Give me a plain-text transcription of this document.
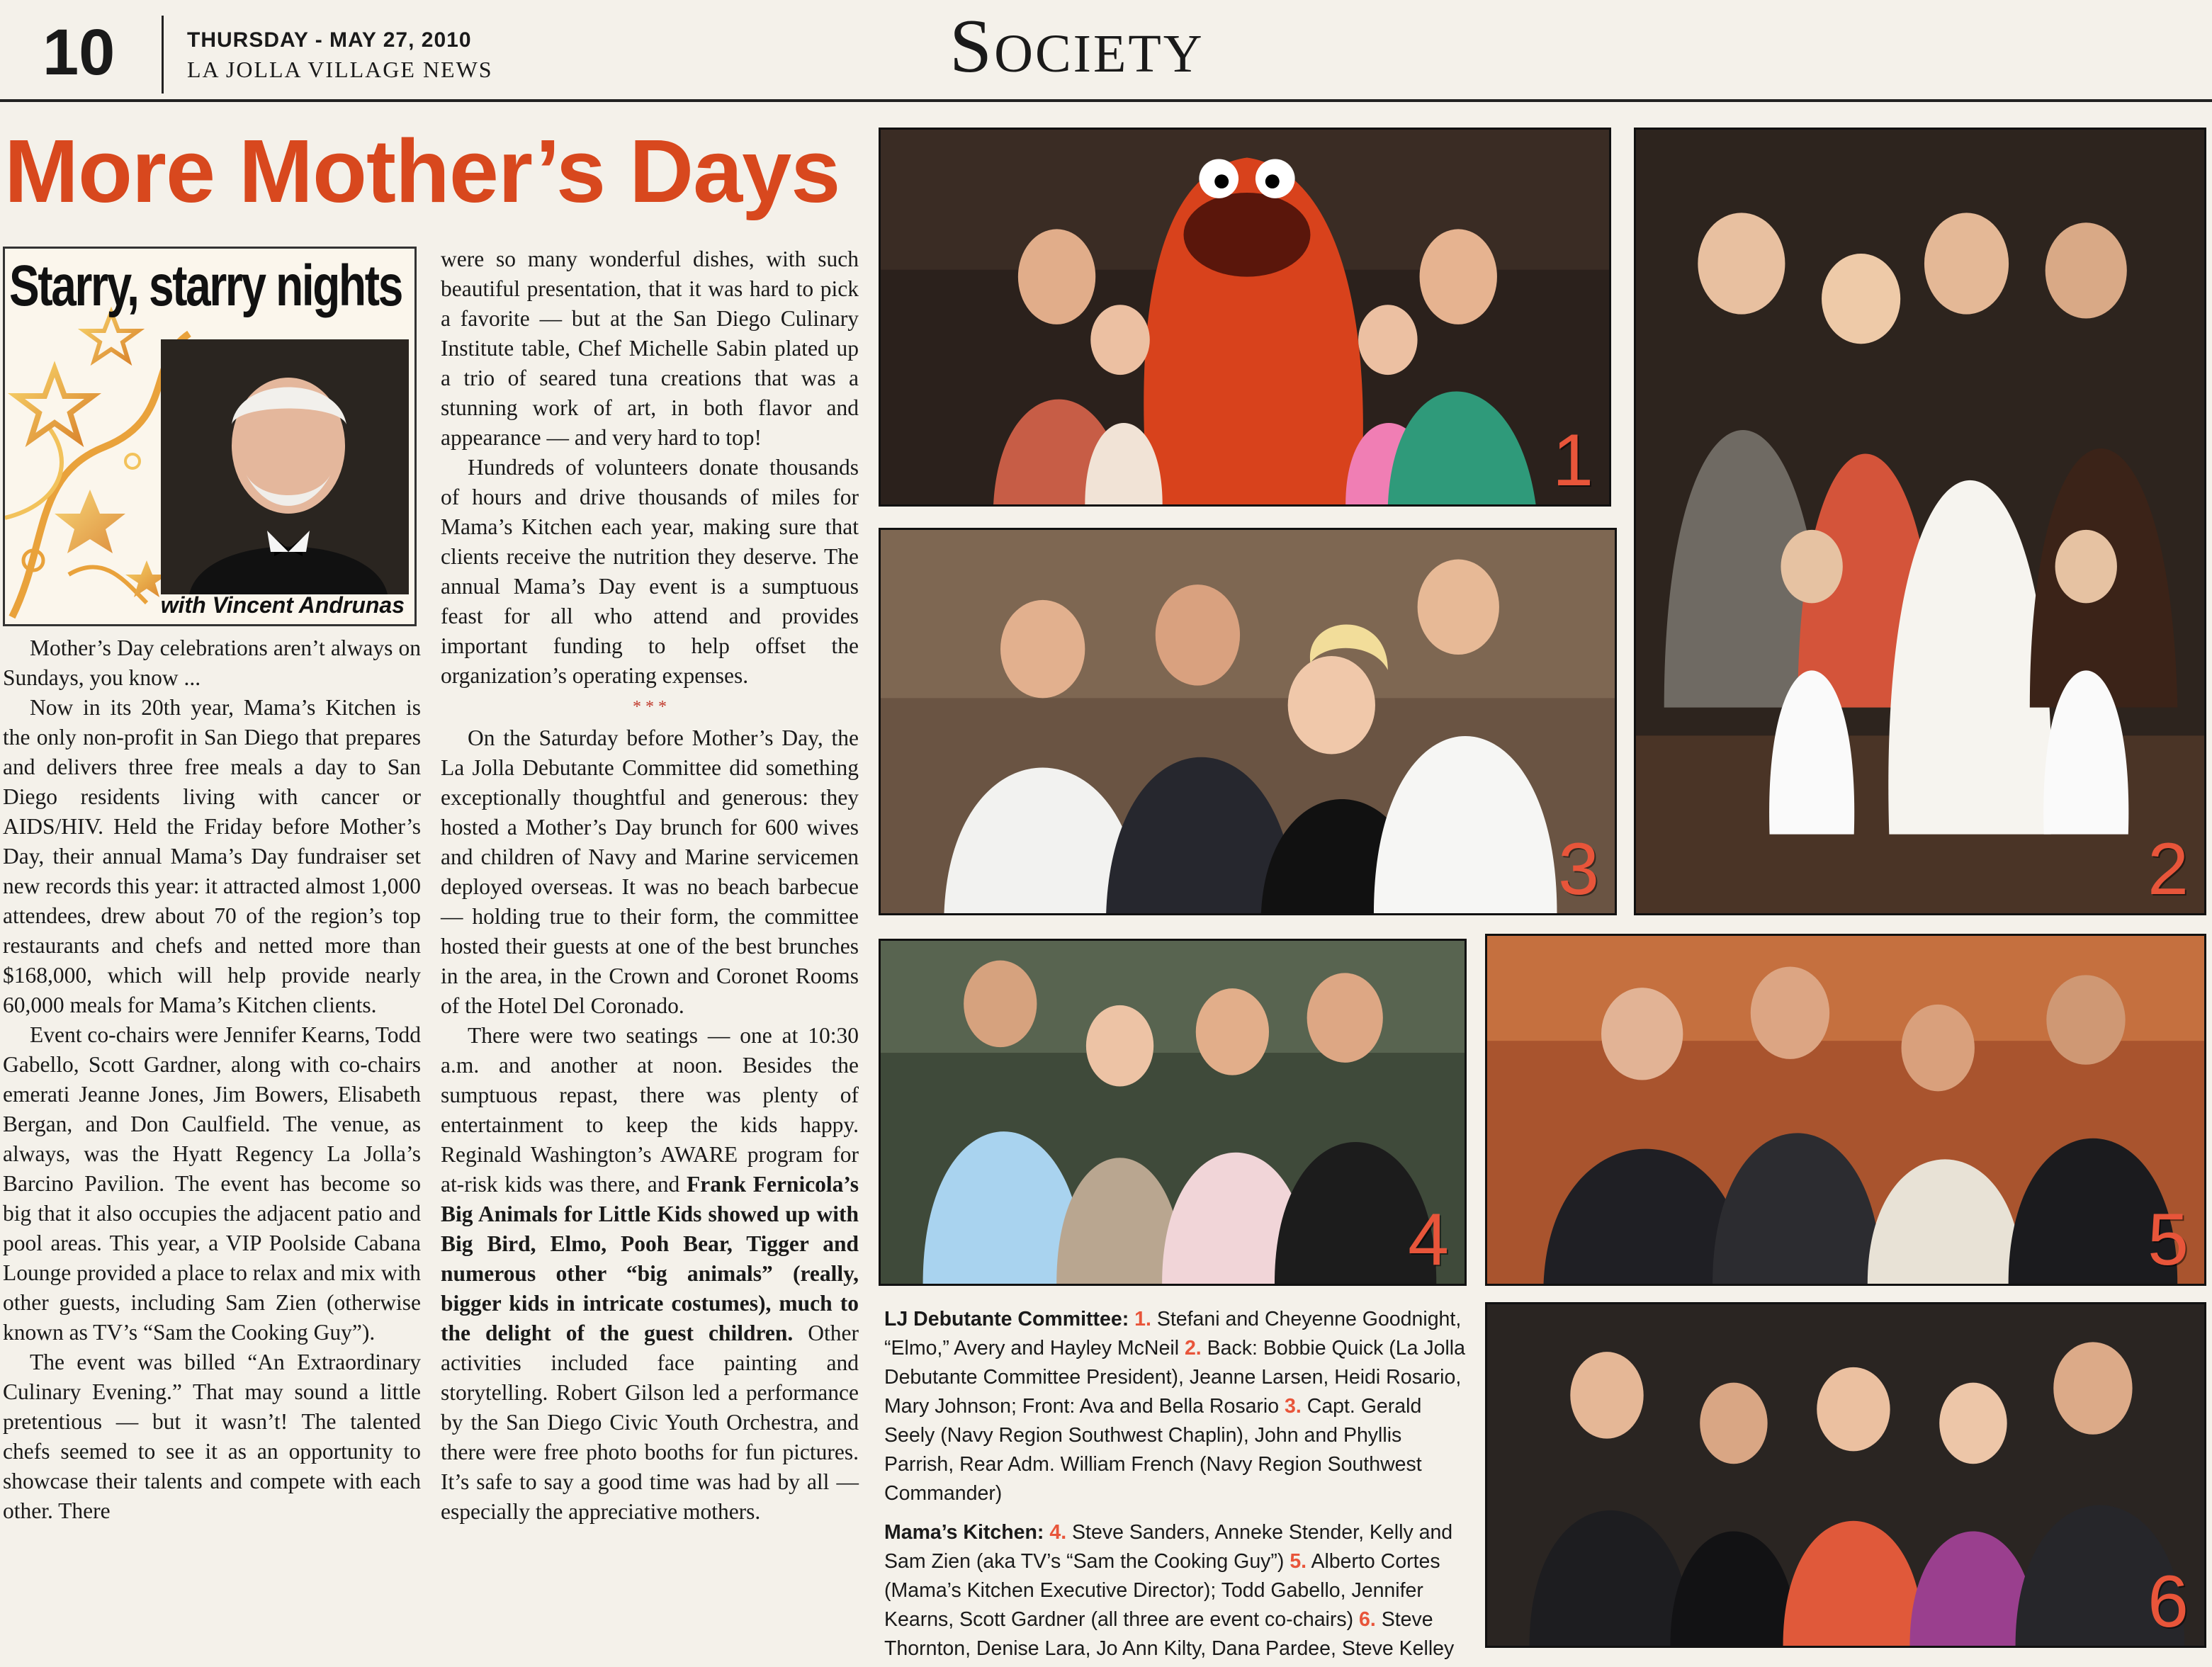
10	THURSDAY - MAY 27, 2010
LA JOLLA VILLAGE NEWS	Society
More Mother’s Days
Starry, starry nights
with Vincent Andrunas

Mother’s Day celebrations aren’t always on Sundays, you know ...

Now in its 20th year, Mama’s Kitchen is the only non-profit in San Diego that prepares and delivers three free meals a day to San Diego residents living with cancer or AIDS/HIV. Held the Friday before Mother’s Day, their annual Mama’s Day fundraiser set new records this year: it attracted almost 1,000 attendees, drew about 70 of the region’s top restaurants and chefs and netted more than $168,000, which will help provide nearly 60,000 meals for Mama’s Kitchen clients.

Event co-chairs were Jennifer Kearns, Todd Gabello, Scott Gardner, along with co-chairs emerati Jeanne Jones, Jim Bowers, Elisabeth Bergan, and Don Caulfield. The venue, as always, was the Hyatt Regency La Jolla’s Barcino Pavilion. The event has become so big that it also occupies the adjacent patio and pool areas. This year, a VIP Poolside Cabana Lounge provided a place to relax and mix with other guests, including Sam Zien (otherwise known as TV’s “Sam the Cooking Guy”).

The event was billed “An Extraordinary Culinary Evening.” That may sound a little pretentious — but it wasn’t! The talented chefs seemed to see it as an opportunity to showcase their talents and compete with each other. There

were so many wonderful dishes, with such beautiful presentation, that it was hard to pick a favorite — but at the San Diego Culinary Institute table, Chef Michelle Sabin plated up a trio of seared tuna creations that was a stunning work of art, in both flavor and appearance — and very hard to top!

Hundreds of volunteers donate thousands of hours and drive thousands of miles for Mama’s Kitchen each year, making sure that clients receive the nutrition they deserve. The annual Mama’s Day event is a sumptuous feast for all who attend and provides important funding to help offset the organization’s operating expenses.

* * *

On the Saturday before Mother’s Day, the La Jolla Debutante Committee did something exceptionally thoughtful and generous: they hosted a Mother’s Day brunch for 600 wives and children of Navy and Marine servicemen deployed overseas. It was no beach barbecue — holding true to their form, the committee hosted their guests at one of the best brunches in the area, in the Crown and Coronet Rooms of the Hotel Del Coronado.

There were two seatings — one at 10:30 a.m. and another at noon. Besides the sumptuous repast, there was plenty of entertainment to keep the kids happy. Reginald Washington’s AWARE program for at-risk kids was there, and Frank Fernicola’s Big Animals for Little Kids showed up with Big Bird, Elmo, Pooh Bear, Tigger and numerous other “big animals” (really, bigger kids in intricate costumes), much to the delight of the guest children. Other activities included face painting and storytelling. Robert Gilson led a performance by the San Diego Civic Youth Orchestra, and there were free photo booths for fun pictures. It’s safe to say a good time was had by all — especially the appreciative mothers.

1
2
3
4	5
6

LJ Debutante Committee: 1. Stefani and Cheyenne Goodnight, “Elmo,” Avery and Hayley McNeil 2. Back: Bobbie Quick (La Jolla Debutante Committee President), Jeanne Larsen, Heidi Rosario, Mary Johnson; Front: Ava and Bella Rosario 3. Capt. Gerald Seely (Navy Region Southwest Chaplin), John and Phyllis Parrish, Rear Adm. William French (Navy Region Southwest Commander)

Mama’s Kitchen: 4. Steve Sanders, Anneke Stender, Kelly and Sam Zien (aka TV’s “Sam the Cooking Guy”) 5. Alberto Cortes (Mama’s Kitchen Executive Director); Todd Gabello, Jennifer Kearns, Scott Gardner (all three are event co-chairs) 6. Steve Thornton, Denise Lara, Jo Ann Kilty, Dana Pardee, Steve Kelley
